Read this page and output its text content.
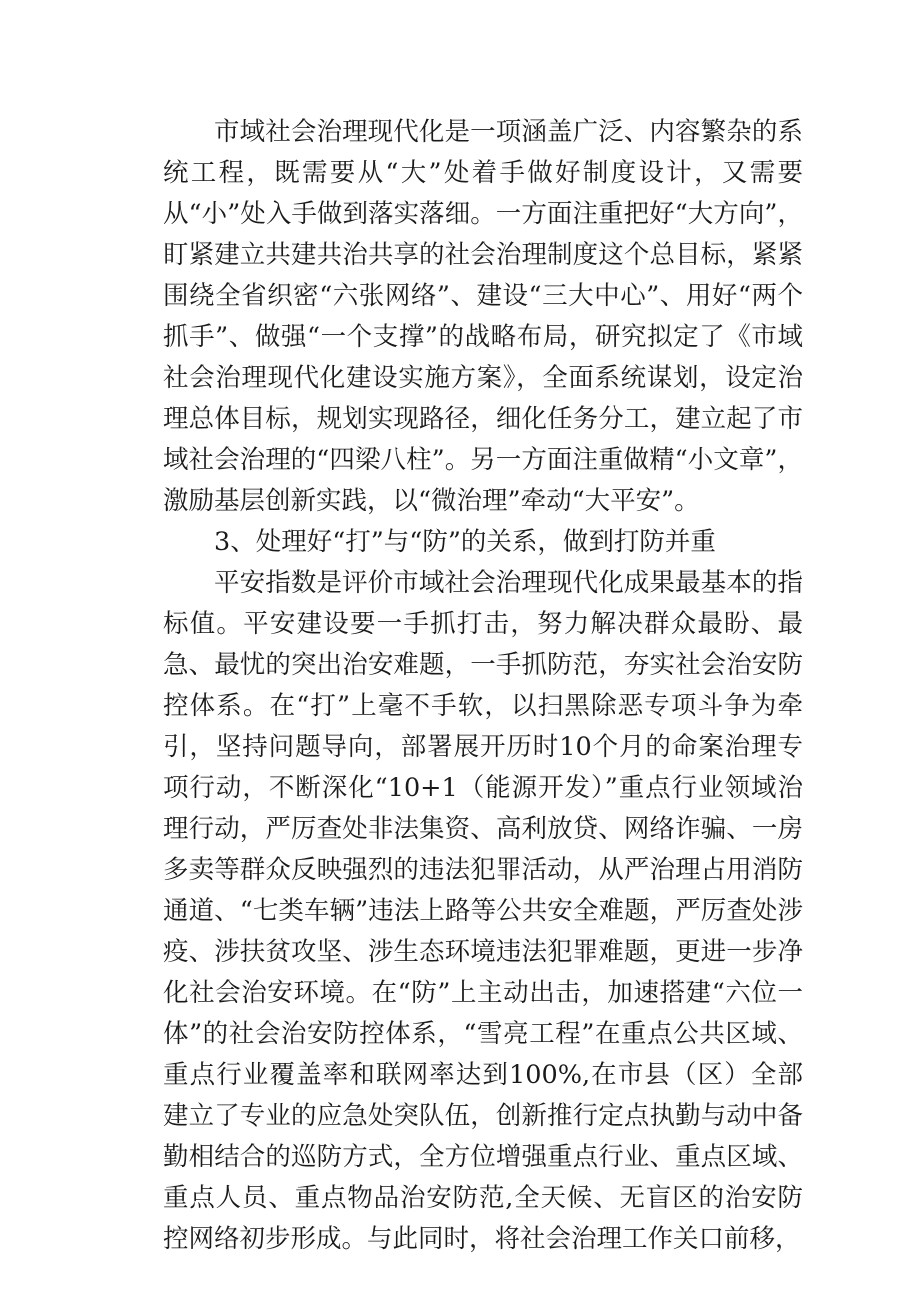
市域社会治理现代化是一项涵盖广泛、内容繁杂的系统工程，既需要从“大”处着手做好制度设计，又需要从“小”处入手做到落实落细。一方面注重把好“大方向”，盯紧建立共建共治共享的社会治理制度这个总目标，紧紧围绕全省织密“六张网络”、建设“三大中心”、用好“两个抓手”、做强“一个支撑”的战略布局，研究拟定了《市域社会治理现代化建设实施方案》，全面系统谋划，设定治理总体目标，规划实现路径，细化任务分工，建立起了市域社会治理的“四梁八柱”。另一方面注重做精“小文章”，激励基层创新实践，以“微治理”牵动“大平安”。

3、处理好“打”与“防”的关系，做到打防并重

平安指数是评价市域社会治理现代化成果最基本的指标值。平安建设要一手抓打击，努力解决群众最盼、最急、最忧的突出治安难题，一手抓防范，夯实社会治安防控体系。在“打”上毫不手软，以扫黑除恶专项斗争为牵引，坚持问题导向，部署展开历时10个月的命案治理专项行动，不断深化“10+1（能源开发）”重点行业领域治理行动，严厉查处非法集资、高利放贷、网络诈骗、一房多卖等群众反映强烈的违法犯罪活动，从严治理占用消防通道、“七类车辆”违法上路等公共安全难题，严厉查处涉疫、涉扶贫攻坚、涉生态环境违法犯罪难题，更进一步净化社会治安环境。在“防”上主动出击，加速搭建“六位一体”的社会治安防控体系，“雪亮工程”在重点公共区域、重点行业覆盖率和联网率达到100%,在市县（区）全部建立了专业的应急处突队伍，创新推行定点执勤与动中备勤相结合的巡防方式，全方位增强重点行业、重点区域、重点人员、重点物品治安防范,全天候、无盲区的治安防控网络初步形成。与此同时，将社会治理工作关口前移，
